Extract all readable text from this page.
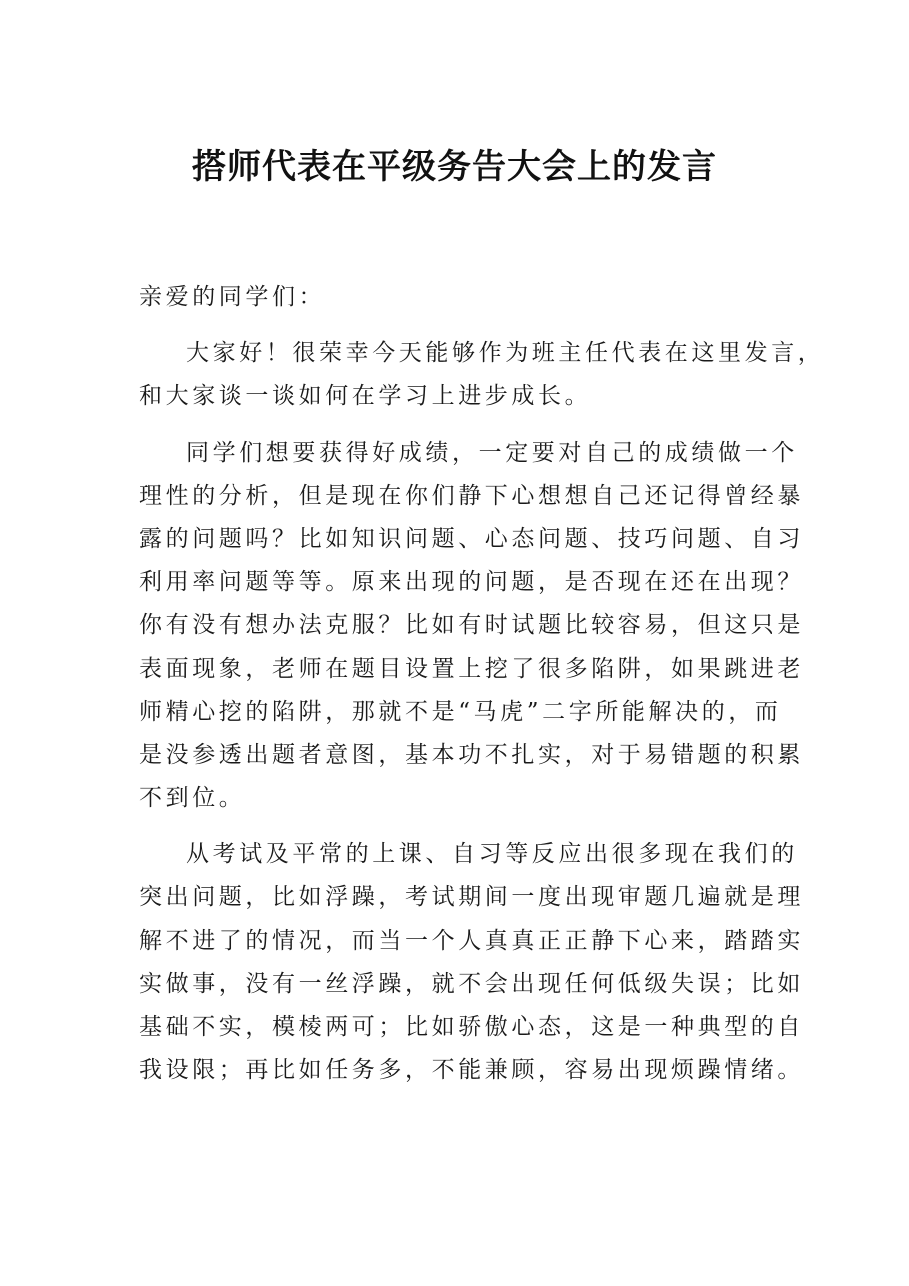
搭师代表在平级务告大会上的发言
亲爱的同学们：
大家好！很荣幸今天能够作为班主任代表在这里发言，
和大家谈一谈如何在学习上进步成长。
同学们想要获得好成绩，一定要对自己的成绩做一个
理性的分析，但是现在你们静下心想想自己还记得曾经暴
露的问题吗？比如知识问题、心态问题、技巧问题、自习
利用率问题等等。原来出现的问题，是否现在还在出现？
你有没有想办法克服？比如有时试题比较容易，但这只是
表面现象，老师在题目设置上挖了很多陷阱，如果跳进老
师精心挖的陷阱，那就不是“马虎”二字所能解决的，而
是没参透出题者意图，基本功不扎实，对于易错题的积累
不到位。
从考试及平常的上课、自习等反应出很多现在我们的
突出问题，比如浮躁，考试期间一度出现审题几遍就是理
解不进了的情况，而当一个人真真正正静下心来，踏踏实
实做事，没有一丝浮躁，就不会出现任何低级失误；比如
基础不实，模棱两可；比如骄傲心态，这是一种典型的自
我设限；再比如任务多，不能兼顾，容易出现烦躁情绪。
